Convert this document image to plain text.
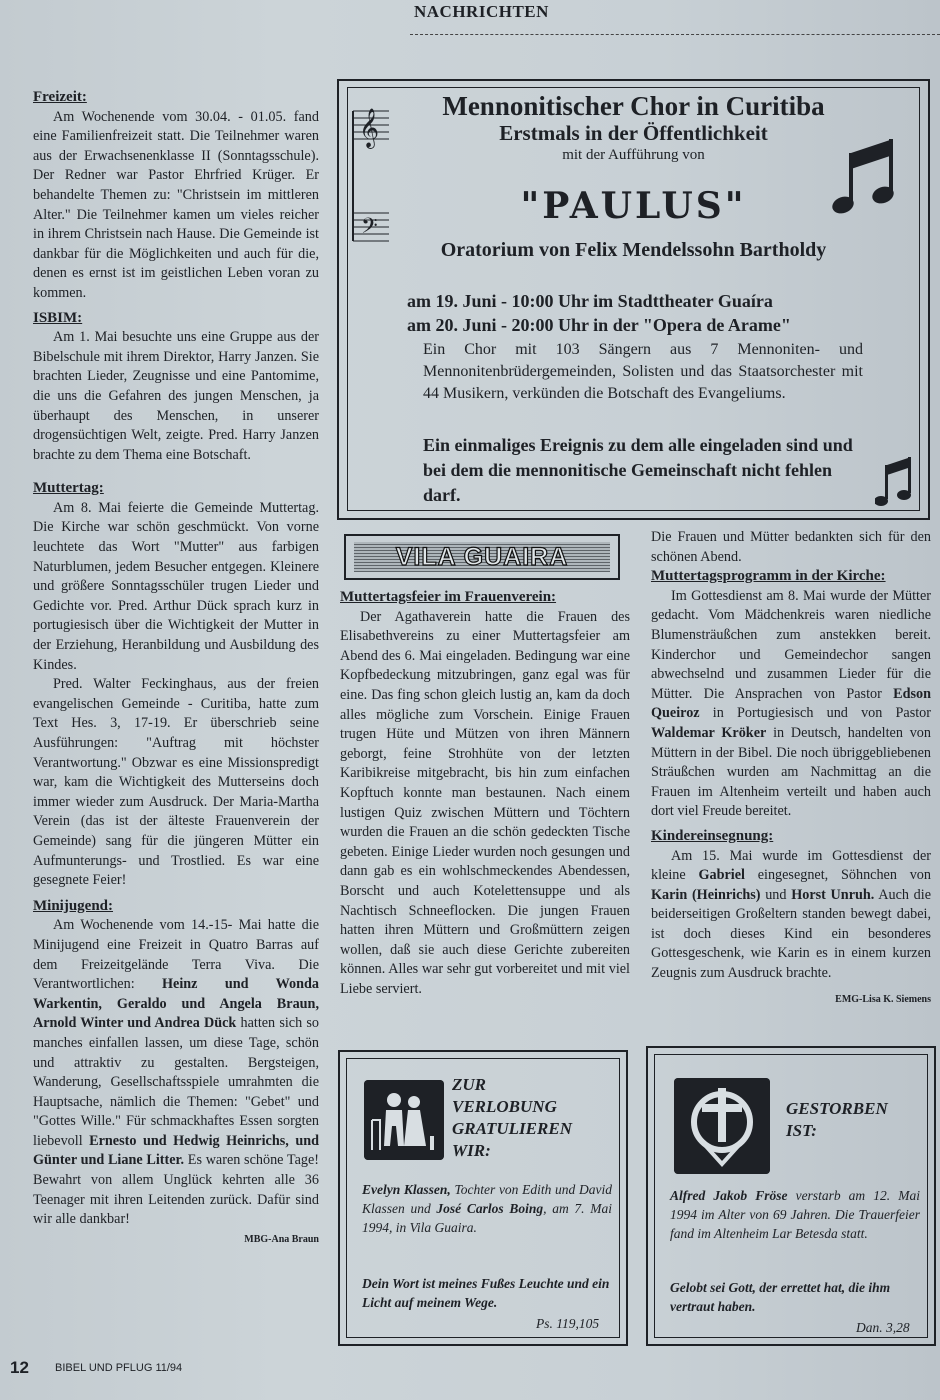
NACHRICHTEN
Freizeit:

Am Wochenende vom 30.04. - 01.05. fand eine Familienfreizeit statt. Die Teilnehmer waren aus der Erwachsenenklasse II (Sonntagsschule). Der Redner war Pastor Ehrfried Krüger. Er behandelte Themen zu: "Christsein im mittleren Alter." Die Teilnehmer kamen um vieles reicher in ihrem Christsein nach Hause. Die Gemeinde ist dankbar für die Möglichkeiten und auch für die, denen es ernst ist im geistlichen Leben voran zu kommen.

ISBIM:

Am 1. Mai besuchte uns eine Gruppe aus der Bibelschule mit ihrem Direktor, Harry Janzen. Sie brachten Lieder, Zeugnisse und eine Pantomime, die uns die Gefahren des jungen Menschen, ja überhaupt des Menschen, in unserer drogensüchtigen Welt, zeigte. Pred. Harry Janzen brachte zu dem Thema eine Botschaft.

Muttertag:

Am 8. Mai feierte die Gemeinde Muttertag. Die Kirche war schön geschmückt. Von vorne leuchtete das Wort "Mutter" aus farbigen Naturblumen, jedem Besucher entgegen. Kleinere und größere Sonntagsschüler trugen Lieder und Gedichte vor. Pred. Arthur Dück sprach kurz in portugiesisch über die Wichtigkeit der Mutter in der Erziehung, Heranbildung und Ausbildung des Kindes.

Pred. Walter Feckinghaus, aus der freien evangelischen Gemeinde - Curitiba, hatte zum Text Hes. 3, 17-19. Er überschrieb seine Ausführungen: "Auftrag mit höchster Verantwortung." Obzwar es eine Missionspredigt war, kam die Wichtigkeit des Mutterseins doch immer wieder zum Ausdruck. Der Maria-Martha Verein (das ist der älteste Frauenverein der Gemeinde) sang für die jüngeren Mütter ein Aufmunterungs- und Trostlied. Es war eine gesegnete Feier!

Minijugend:

Am Wochenende vom 14.-15- Mai hatte die Minijugend eine Freizeit in Quatro Barras auf dem Freizeitgelände Terra Viva. Die Verantwortlichen: Heinz und Wonda Warkentin, Geraldo und Angela Braun, Arnold Winter und Andrea Dück hatten sich so manches einfallen lassen, um diese Tage, schön und attraktiv zu gestalten. Bergsteigen, Wanderung, Gesellschaftsspiele umrahmten die Hauptsache, nämlich die Themen: "Gebet" und "Gottes Wille." Für schmackhaftes Essen sorgten liebevoll Ernesto und Hedwig Heinrichs, und Günter und Liane Litter. Es waren schöne Tage! Bewahrt von allem Unglück kehrten alle 36 Teenager mit ihren Leitenden zurück. Dafür sind wir alle dankbar!

MBG-Ana Braun
𝄞
𝄢
Mennonitischer Chor in Curitiba
Erstmals in der Öffentlichkeit
mit der Aufführung von
"PAULUS"
Oratorium von Felix Mendelssohn Bartholdy
am 19. Juni - 10:00 Uhr im Stadttheater Guaíra
am 20. Juni - 20:00 Uhr in der "Opera de Arame"
Ein Chor mit 103 Sängern aus 7 Mennoniten- und Mennonitenbrüdergemeinden, Solisten und das Staatsorchester mit 44 Musikern, verkünden die Botschaft des Evangeliums.
Ein einmaliges Ereignis zu dem alle eingeladen sind und bei dem die mennonitische Gemeinschaft nicht fehlen darf.
VILA GUAIRA
Muttertagsfeier im Frauenverein:

Der Agathaverein hatte die Frauen des Elisabethvereins zu einer Muttertagsfeier am Abend des 6. Mai eingeladen. Bedingung war eine Kopfbedeckung mitzubringen, ganz egal was für eine. Das fing schon gleich lustig an, kam da doch alles mögliche zum Vorschein. Einige Frauen trugen Hüte und Mützen von ihren Männern geborgt, feine Strohhüte von der letzten Karibikreise mitgebracht, bis hin zum einfachen Kopftuch konnte man bestaunen. Nach einem lustigen Quiz zwischen Müttern und Töchtern wurden die Frauen an die schön gedeckten Tische gebeten. Einige Lieder wurden noch gesungen und dann gab es ein wohlschmeckendes Abendessen, Borscht und auch Kotelettensuppe und als Nachtisch Schneeflocken. Die jungen Frauen hatten ihren Müttern und Großmüttern zeigen wollen, daß sie auch diese Gerichte zubereiten können. Alles war sehr gut vorbereitet und mit viel Liebe serviert.

Die Frauen und Mütter bedankten sich für den schönen Abend.

Muttertagsprogramm in der Kirche:

Im Gottesdienst am 8. Mai wurde der Mütter gedacht. Vom Mädchenkreis waren niedliche Blumensträußchen zum anstekken bereit. Kinderchor und Gemeindechor sangen abwechselnd und zusammen Lieder für die Mütter. Die Ansprachen von Pastor Edson Queiroz in Portugiesisch und von Pastor Waldemar Kröker in Deutsch, handelten von Müttern in der Bibel. Die noch übriggebliebenen Sträußchen wurden am Nachmittag an die Frauen im Altenheim verteilt und haben auch dort viel Freude bereitet.

Kindereinsegnung:

Am 15. Mai wurde im Gottesdienst der kleine Gabriel eingesegnet, Söhnchen von Karin (Heinrichs) und Horst Unruh. Auch die beiderseitigen Großeltern standen bewegt dabei, ist doch dieses Kind ein besonderes Gottesgeschenk, wie Karin es in einem kurzen Zeugnis zum Ausdruck brachte.

EMG-Lisa K. Siemens
ZUR
VERLOBUNG
GRATULIEREN
WIR:
Evelyn Klassen, Tochter von Edith und David Klassen und José Carlos Boing, am 7. Mai 1994, in Vila Guaira.
Dein Wort ist meines Fußes Leuchte und ein Licht auf meinem Wege.
Ps. 119,105
GESTORBEN
IST:
Alfred Jakob Fröse verstarb am 12. Mai 1994 im Alter von 69 Jahren. Die Trauerfeier fand im Altenheim Lar Betesda statt.
Gelobt sei Gott, der errettet hat, die ihm vertraut haben.
Dan. 3,28
12 BIBEL UND PFLUG 11/94
